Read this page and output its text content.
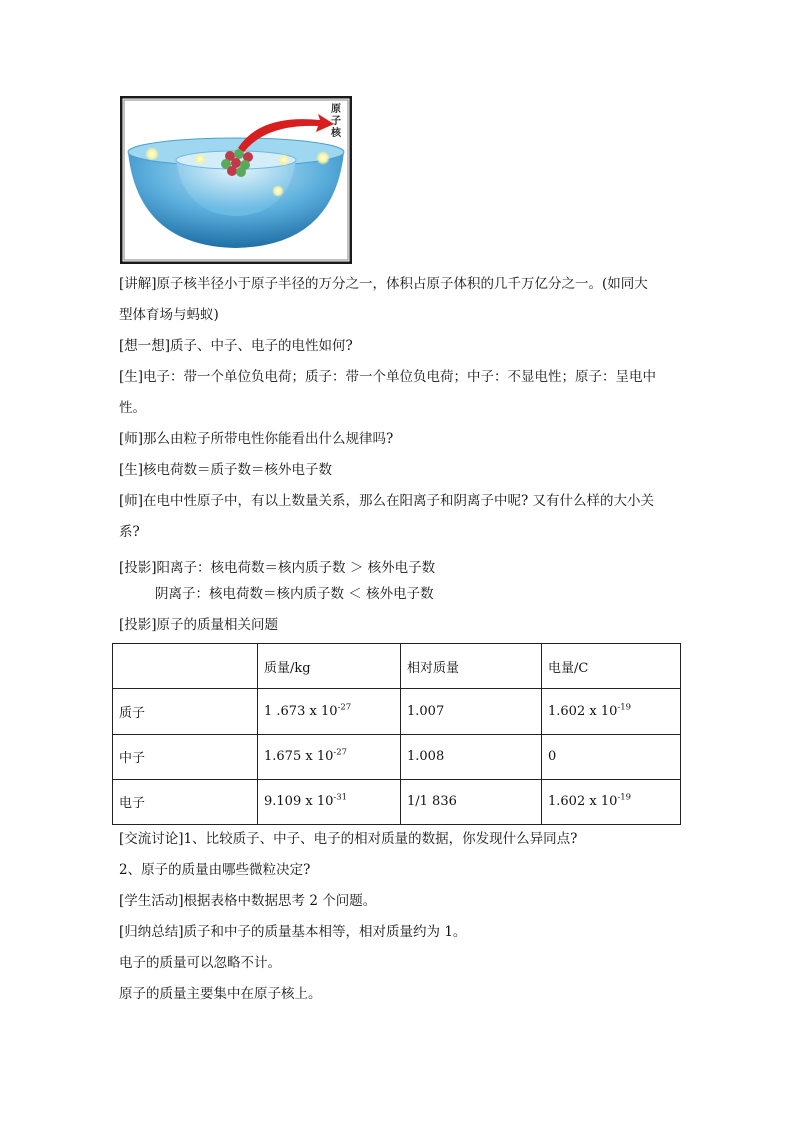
原
子
核
[讲解]原子核半径小于原子半径的万分之一，体积占原子体积的几千万亿分之一。(如同大
型体育场与蚂蚁)
[想一想]质子、中子、电子的电性如何?
[生]电子：带一个单位负电荷；质子：带一个单位负电荷；中子：不显电性；原子：呈电中
性。
[师]那么由粒子所带电性你能看出什么规律吗?
[生]核电荷数＝质子数＝核外电子数
[师]在电中性原子中，有以上数量关系，那么在阳离子和阴离子中呢? 又有什么样的大小关
系?
[投影]阳离子：核电荷数＝核内质子数 ＞ 核外电子数
阴离子：核电荷数＝核内质子数 ＜ 核外电子数
[投影]原子的质量相关问题
	质量/kg	相对质量	电量/C
质子	1 .673 x $10^{-27}$	1.007	1.602 x $10^{-19}$
中子	1.675 x $10^{-27}$	1.008	0
电子	9.109 x $10^{-31}$	1/1 836	1.602 x $10^{-19}$
[交流讨论]1、比较质子、中子、电子的相对质量的数据，你发现什么异同点?
2、原子的质量由哪些微粒决定?
[学生活动]根据表格中数据思考 2 个问题。
[归纳总结]质子和中子的质量基本相等，相对质量约为 1。
电子的质量可以忽略不计。
原子的质量主要集中在原子核上。
